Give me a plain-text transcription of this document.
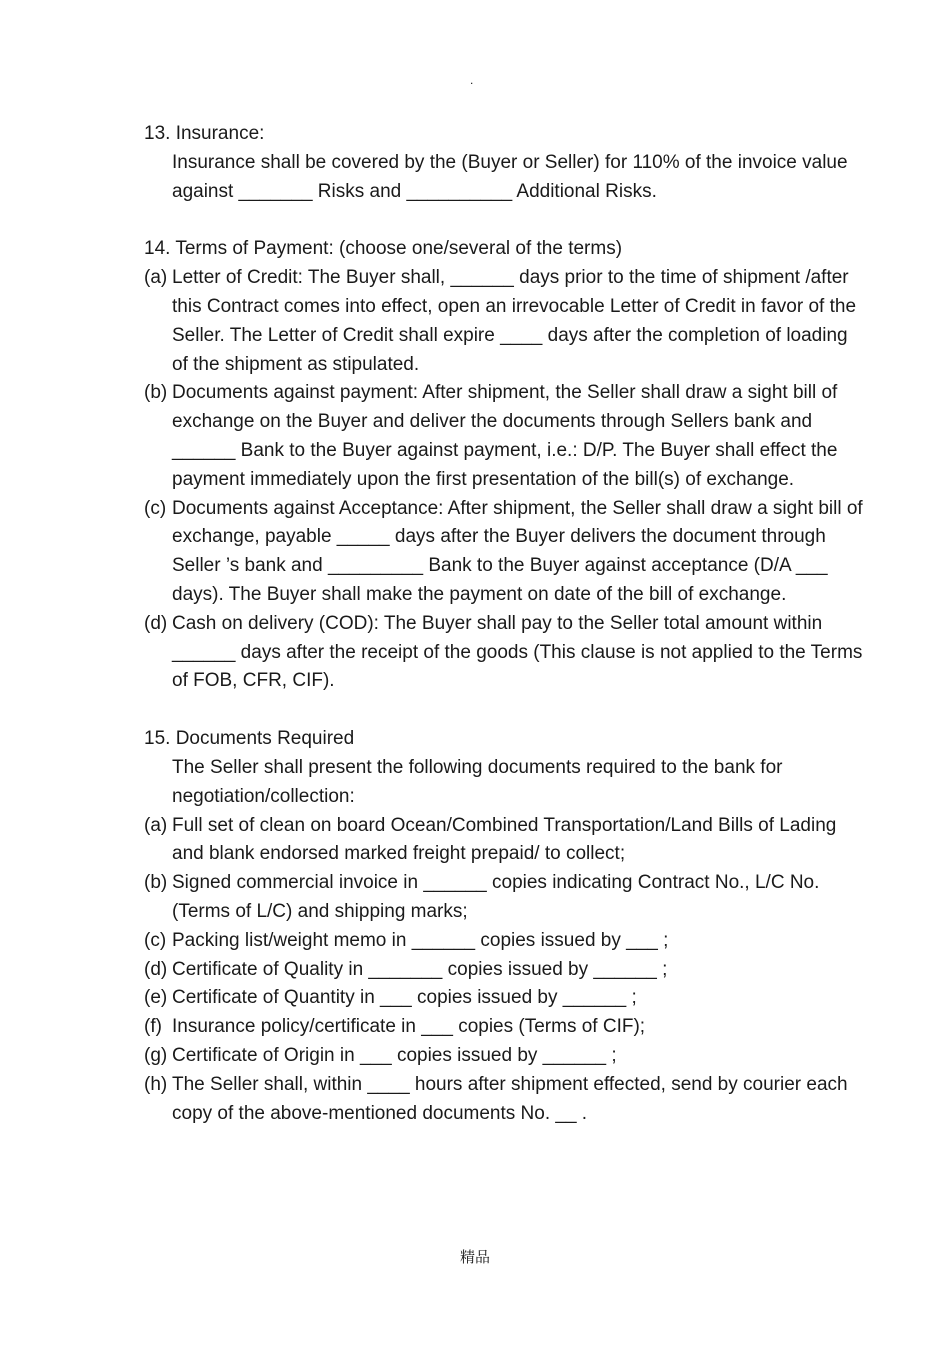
.

13. Insurance:

Insurance shall be covered by the (Buyer or Seller) for 110% of the invoice value against _______ Risks and __________ Additional Risks.

14. Terms of Payment: (choose one/several of the terms)

(a) Letter of Credit: The Buyer shall, ______ days prior to the time of shipment /after this Contract comes into effect, open an irrevocable Letter of Credit in favor of the Seller. The Letter of Credit shall expire ____ days after the completion of loading of the shipment as stipulated.
(b) Documents against payment: After shipment, the Seller shall draw a sight bill of exchange on the Buyer and deliver the documents through Sellers bank and ______ Bank to the Buyer against payment, i.e.: D/P. The Buyer shall effect the payment immediately upon the first presentation of the bill(s) of exchange.
(c) Documents against Acceptance: After shipment, the Seller shall draw a sight bill of exchange, payable _____ days after the Buyer delivers the document through Seller ’s bank and _________ Bank to the Buyer against acceptance (D/A ___ days). The Buyer shall make the payment on date of the bill of exchange.
(d) Cash on delivery (COD): The Buyer shall pay to the Seller total amount within ______ days after the receipt of the goods (This clause is not applied to the Terms of FOB, CFR, CIF).

15. Documents Required

The Seller shall present the following documents required to the bank for negotiation/collection:

(a) Full set of clean on board Ocean/Combined Transportation/Land Bills of Lading and blank endorsed marked freight prepaid/ to collect;
(b) Signed commercial invoice in ______ copies indicating Contract No., L/C No. (Terms of L/C) and shipping marks;
(c) Packing list/weight memo in ______ copies issued by ___ ;
(d) Certificate of Quality in _______ copies issued by ______ ;
(e) Certificate of Quantity in ___ copies issued by ______ ;
(f) Insurance policy/certificate in ___ copies (Terms of CIF);
(g) Certificate of Origin in ___ copies issued by ______ ;
(h) The Seller shall, within ____ hours after shipment effected, send by courier each copy of the above-mentioned documents No. __ .
精品
